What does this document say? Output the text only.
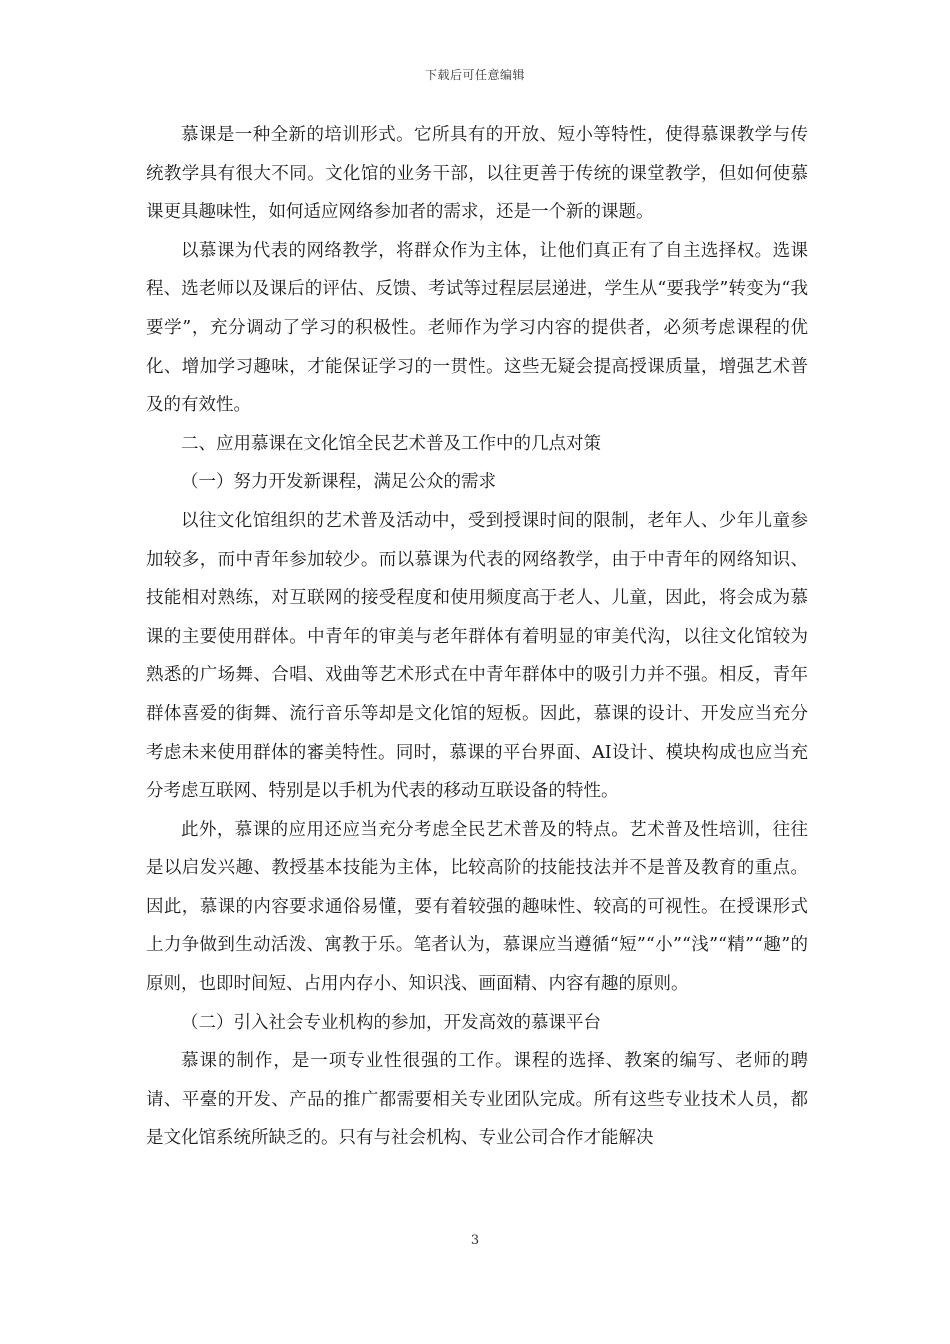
下载后可任意编辑

慕课是一种全新的培训形式。它所具有的开放、短小等特性，使得慕课教学与传统教学具有很大不同。文化馆的业务干部，以往更善于传统的课堂教学，但如何使慕课更具趣味性，如何适应网络参加者的需求，还是一个新的课题。

以慕课为代表的网络教学，将群众作为主体，让他们真正有了自主选择权。选课程、选老师以及课后的评估、反馈、考试等过程层层递进，学生从“要我学”转变为“我要学”，充分调动了学习的积极性。老师作为学习内容的提供者，必须考虑课程的优化、增加学习趣味，才能保证学习的一贯性。这些无疑会提高授课质量，增强艺术普及的有效性。

二、应用慕课在文化馆全民艺术普及工作中的几点对策

（一）努力开发新课程，满足公众的需求

以往文化馆组织的艺术普及活动中，受到授课时间的限制，老年人、少年儿童参加较多，而中青年参加较少。而以慕课为代表的网络教学，由于中青年的网络知识、技能相对熟练，对互联网的接受程度和使用频度高于老人、儿童，因此，将会成为慕课的主要使用群体。中青年的审美与老年群体有着明显的审美代沟，以往文化馆较为熟悉的广场舞、合唱、戏曲等艺术形式在中青年群体中的吸引力并不强。相反，青年群体喜爱的街舞、流行音乐等却是文化馆的短板。因此，慕课的设计、开发应当充分考虑未来使用群体的審美特性。同时，慕课的平台界面、AI设计、模块构成也应当充分考虑互联网、特别是以手机为代表的移动互联设备的特性。

此外，慕课的应用还应当充分考虑全民艺术普及的特点。艺术普及性培训，往往是以启发兴趣、教授基本技能为主体，比较高阶的技能技法并不是普及教育的重点。因此，慕课的内容要求通俗易懂，要有着较强的趣味性、较高的可视性。在授课形式上力争做到生动活泼、寓教于乐。笔者认为，慕课应当遵循“短”“小”“浅”“精”“趣”的原则，也即时间短、占用内存小、知识浅、画面精、内容有趣的原则。

（二）引入社会专业机构的参加，开发高效的慕课平台

慕课的制作，是一项专业性很强的工作。课程的选择、教案的编写、老师的聘请、平臺的开发、产品的推广都需要相关专业团队完成。所有这些专业技术人员，都是文化馆系统所缺乏的。只有与社会机构、专业公司合作才能解决

3
